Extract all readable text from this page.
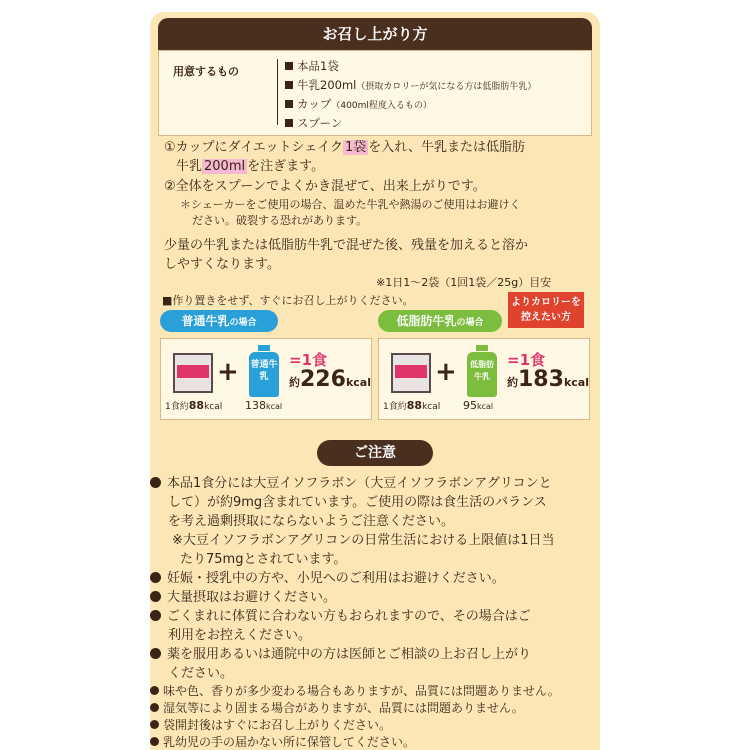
お召し上がり方
用意するもの	本品1袋
牛乳200ml（摂取カロリーが気になる方は低脂肪牛乳）
カップ（400ml程度入るもの）
スプーン
①カップにダイエットシェイク 1袋 を入れ、牛乳または低脂肪
牛乳 200ml を注ぎます。
②全体をスプーンでよくかき混ぜて、出来上がりです。
＊シェーカーをご使用の場合、温めた牛乳や熱湯のご使用はお避けく
ださい。破裂する恐れがあります。
少量の牛乳または低脂肪牛乳で混ぜた後、残量を加えると溶か
しやすくなります。
※1日1～2袋（1回1袋／25g）目安
■作り置きをせず、すぐにお召し上がりください。
普通牛乳の場合	低脂肪牛乳の場合
よりカロリーを
控えたい方
+ 普通牛乳
=1食
約226kcal
1食約88kcal 138kcal
+	低脂肪牛乳
=1食
約183kcal
1食約88kcal 95kcal
ご注意
本品1食分には大豆イソフラボン（大豆イソフラボンアグリコンと
して）が約9mg含まれています。ご使用の際は食生活のバランス
を考え過剰摂取にならないようご注意ください。
※大豆イソフラボンアグリコンの日常生活における上限値は1日当
たり75mgとされています。
妊娠・授乳中の方や、小児へのご利用はお避けください。
大量摂取はお避けください。
ごくまれに体質に合わない方もおられますので、その場合はご
利用をお控えください。
薬を服用あるいは通院中の方は医師とご相談の上お召し上がり
ください。
味や色、香りが多少変わる場合もありますが、品質には問題ありません。
湿気等により固まる場合がありますが、品質には問題ありません。
袋開封後はすぐにお召し上がりください。
乳幼児の手の届かない所に保管してください。
